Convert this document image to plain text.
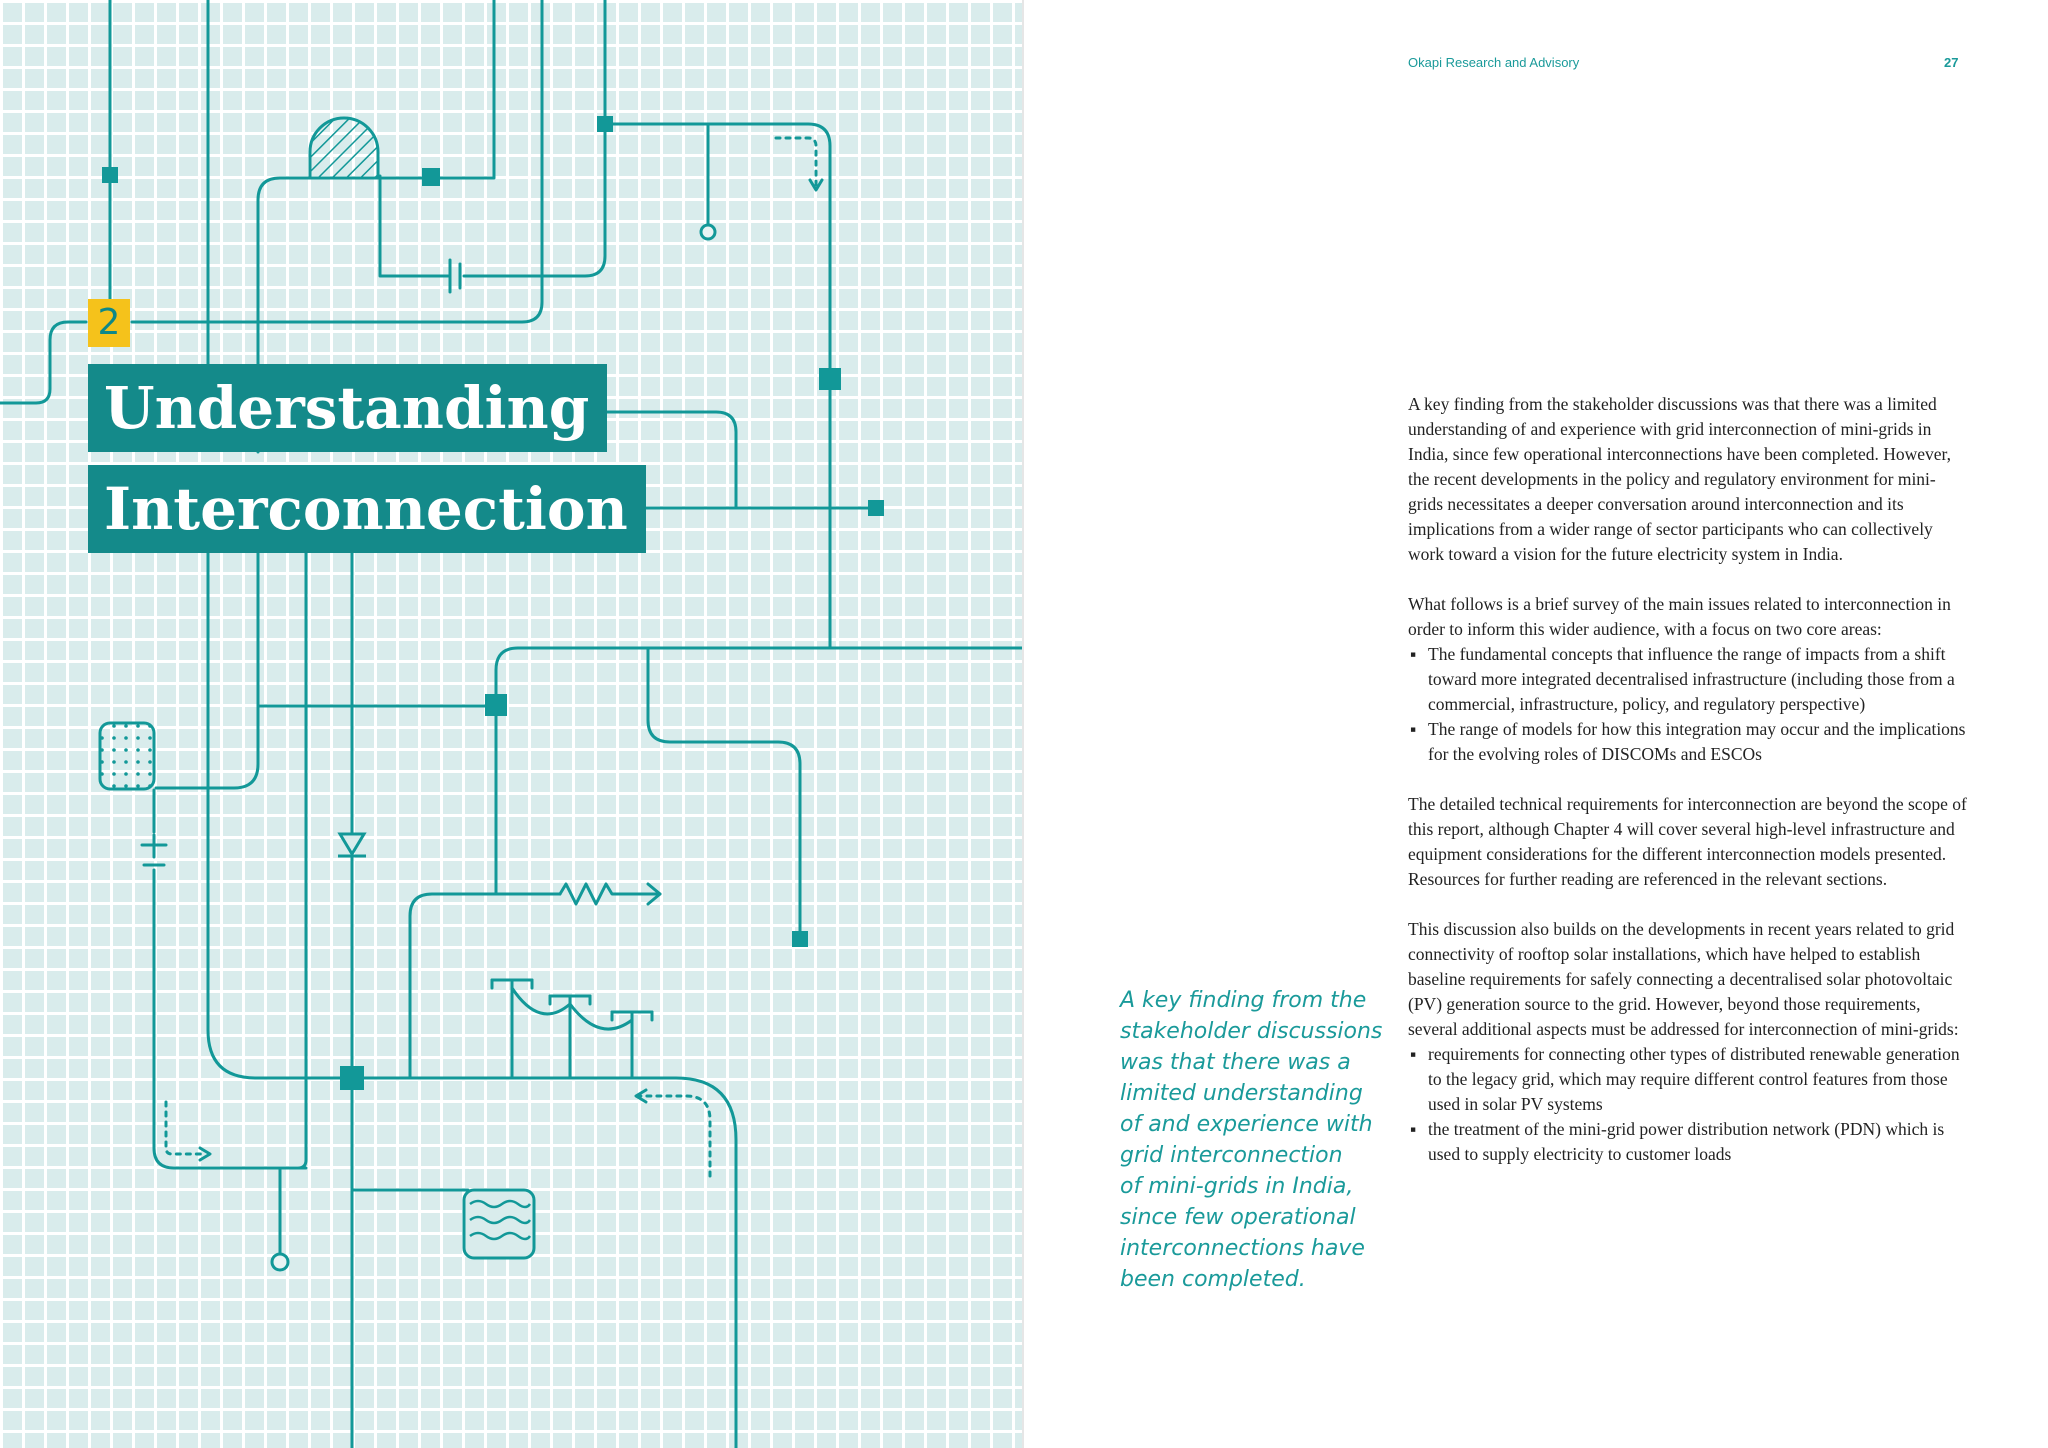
2
Understanding
Interconnection
Okapi Research and Advisory	27
A key finding from the
stakeholder discussions
was that there was a
limited understanding
of and experience with
grid interconnection
of mini-grids in India,
since few operational
interconnections have
been completed.

A key finding from the stakeholder discussions was that there was a limited understanding of and experience with grid interconnection of mini-grids in India, since few operational interconnections have been completed. However, the recent developments in the policy and regulatory environment for mini-grids necessitates a deeper conversation around interconnection and its implications from a wider range of sector participants who can collectively work toward a vision for the future electricity system in India.

What follows is a brief survey of the main issues related to interconnection in order to inform this wider audience, with a focus on two core areas:

▪ The fundamental concepts that influence the range of impacts from a shift toward more integrated decentralised infrastructure (including those from a commercial, infrastructure, policy, and regulatory perspective)
▪ The range of models for how this integration may occur and the implications for the evolving roles of DISCOMs and ESCOs

The detailed technical requirements for interconnection are beyond the scope of this report, although Chapter 4 will cover several high-level infrastructure and equipment considerations for the different interconnection models presented. Resources for further reading are referenced in the relevant sections.

This discussion also builds on the developments in recent years related to grid connectivity of rooftop solar installations, which have helped to establish baseline requirements for safely connecting a decentralised solar photovoltaic (PV) generation source to the grid. However, beyond those requirements, several additional aspects must be addressed for interconnection of mini-grids:

▪ requirements for connecting other types of distributed renewable generation to the legacy grid, which may require different control features from those used in solar PV systems
▪ the treatment of the mini-grid power distribution network (PDN) which is used to supply electricity to customer loads
